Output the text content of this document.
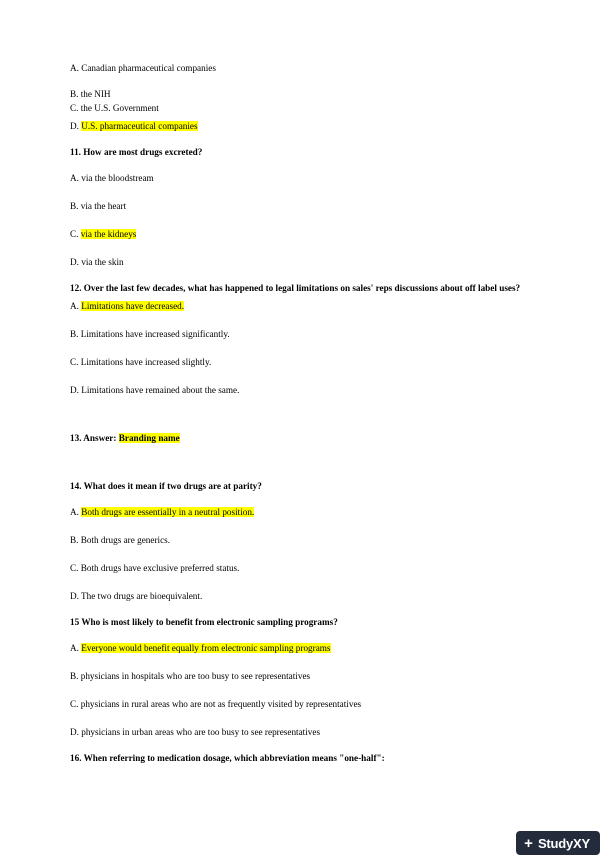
A. Canadian pharmaceutical companies

B. the NIH

C. the U.S. Government

D. U.S. pharmaceutical companies

11. How are most drugs excreted?

A. via the bloodstream

B. via the heart

C. via the kidneys

D. via the skin

12. Over the last few decades, what has happened to legal limitations on sales' reps discussions about off label uses?

A. Limitations have decreased.

B. Limitations have increased significantly.

C. Limitations have increased slightly.

D. Limitations have remained about the same.

13. Answer: Branding name

14. What does it mean if two drugs are at parity?

A. Both drugs are essentially in a neutral position.

B. Both drugs are generics.

C. Both drugs have exclusive preferred status.

D. The two drugs are bioequivalent.

15 Who is most likely to benefit from electronic sampling programs?

A. Everyone would benefit equally from electronic sampling programs

B. physicians in hospitals who are too busy to see representatives

C. physicians in rural areas who are not as frequently visited by representatives

D. physicians in urban areas who are too busy to see representatives

16. When referring to medication dosage, which abbreviation means "one-half":

+ StudyXY
